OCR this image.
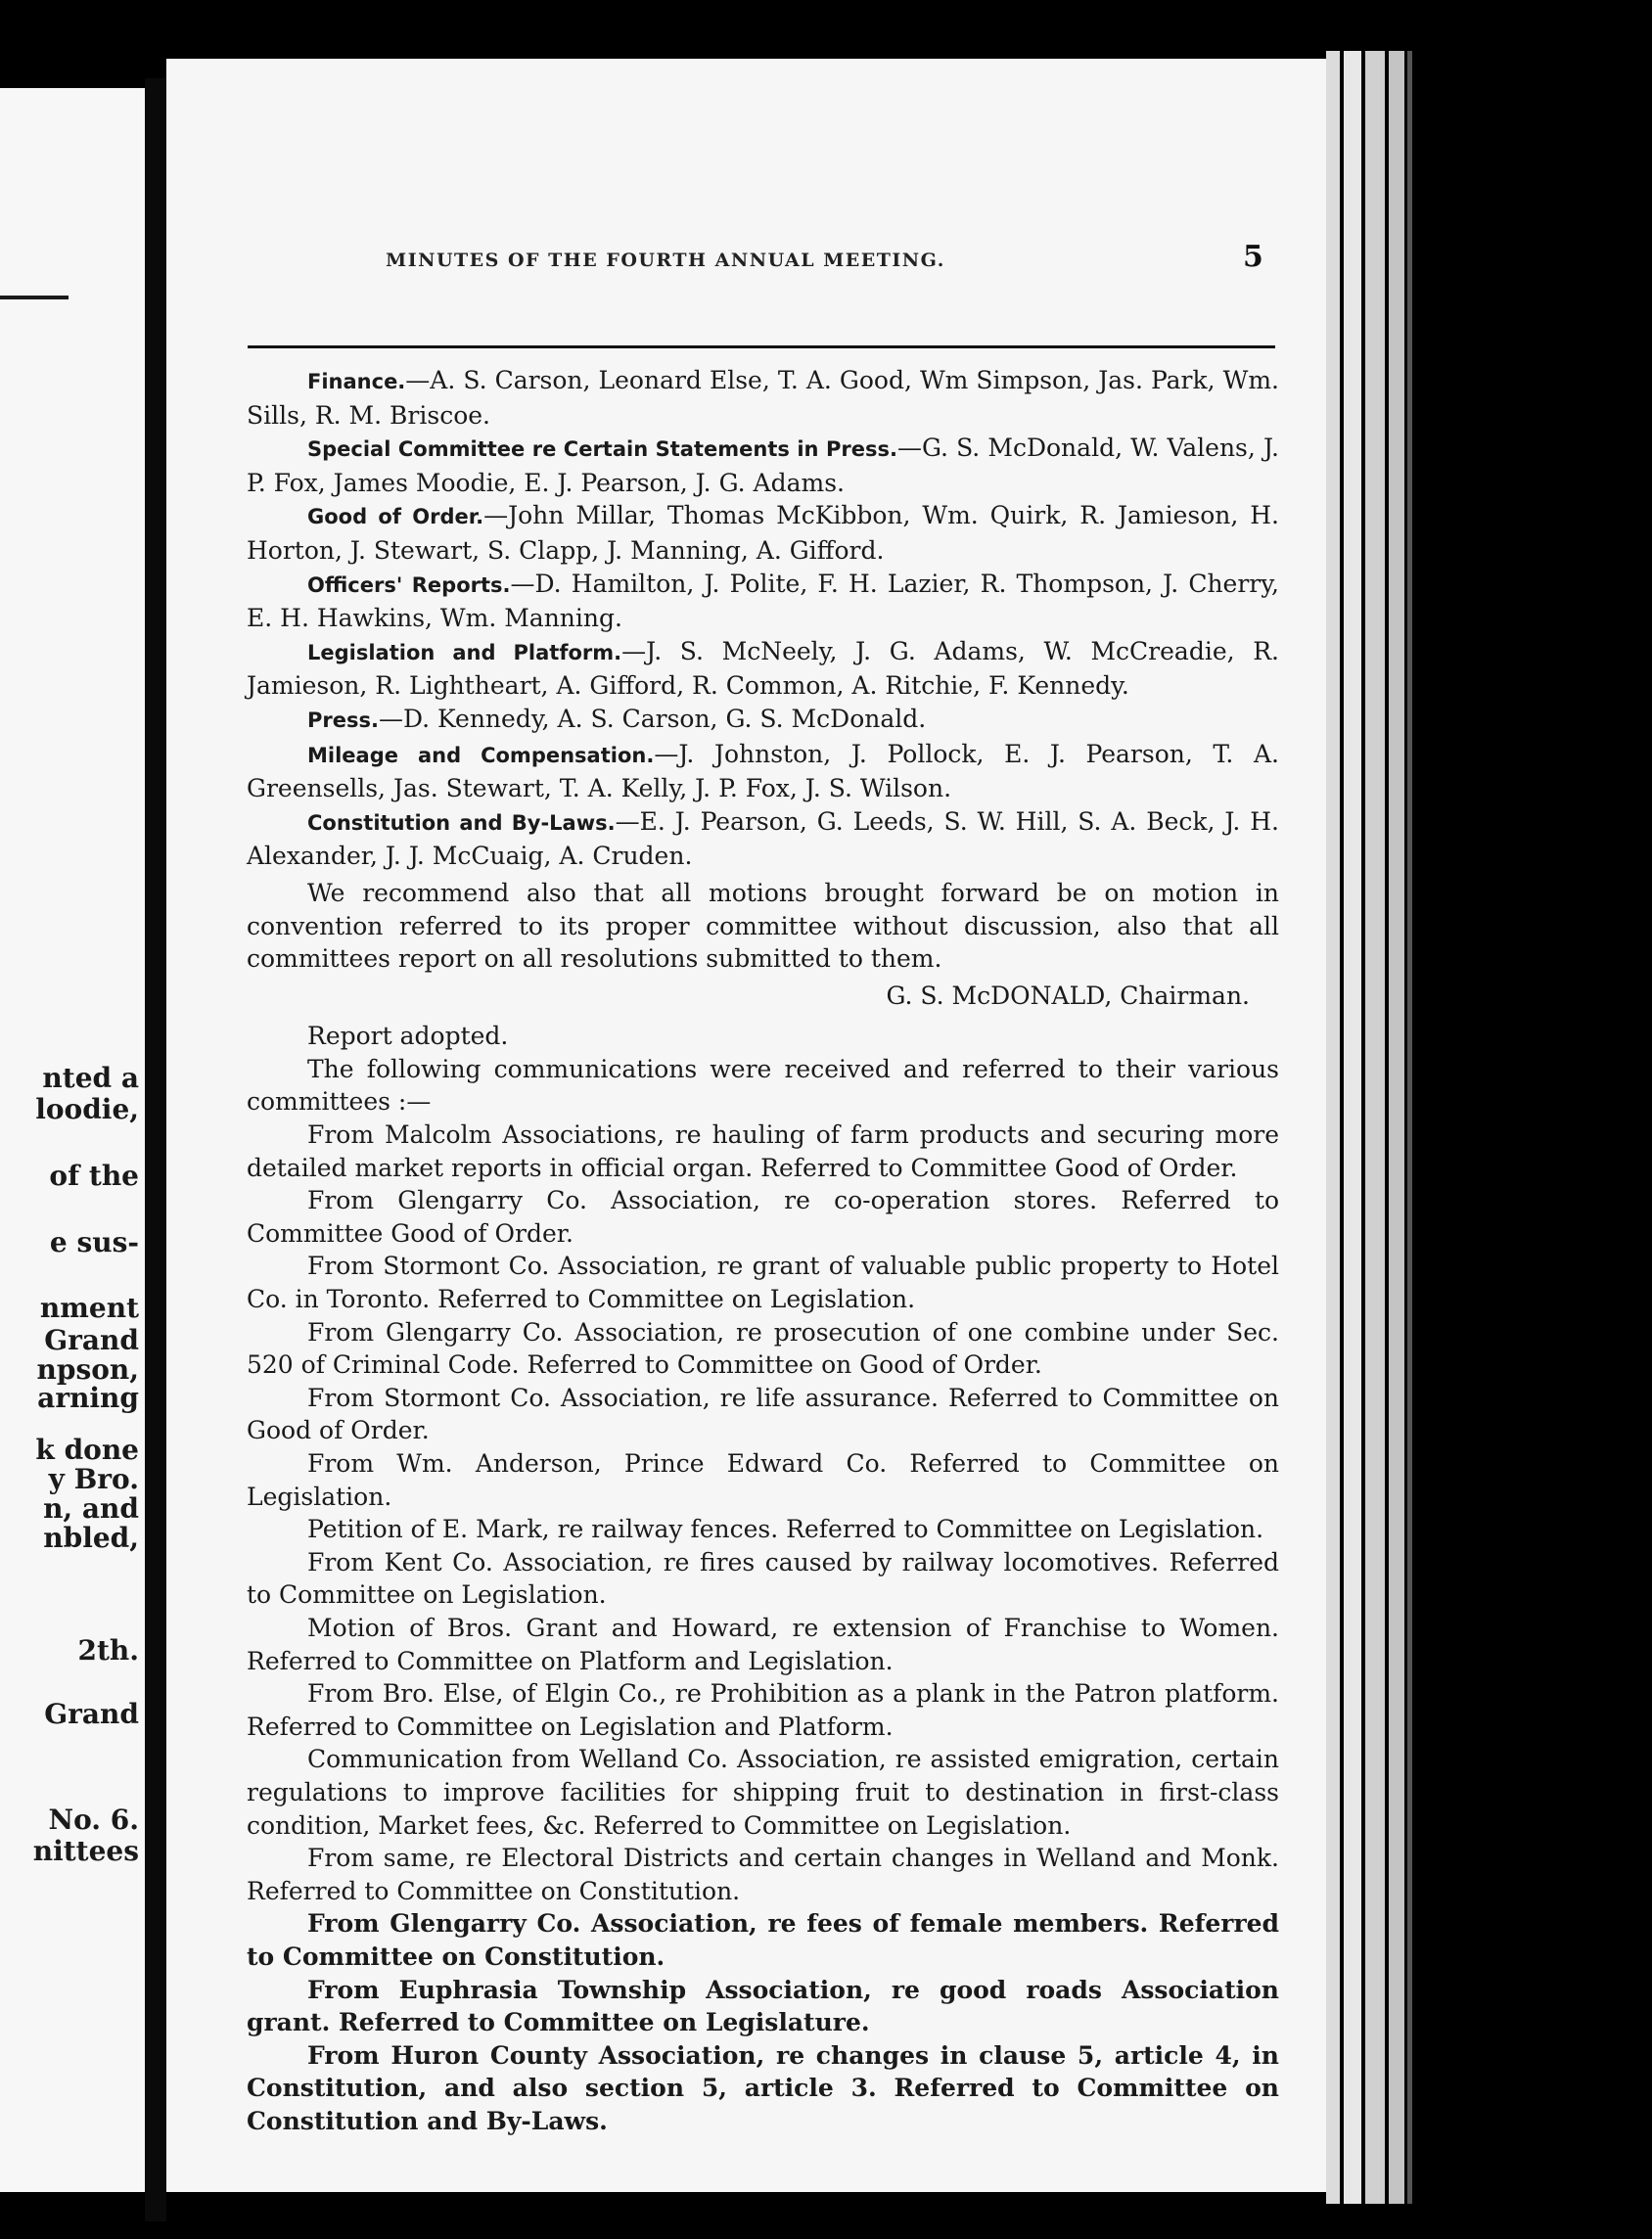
nted a
loodie,
of the
e sus-
nment
Grand
npson,
arning
k done
y Bro.
n, and
nbled,
2th.
Grand
No. 6.
nittees
MINUTES OF THE FOURTH ANNUAL MEETING.	5

Finance.—A. S. Carson, Leonard Else, T. A. Good, Wm Simpson, Jas. Park, Wm. Sills, R. M. Briscoe.

Special Committee re Certain Statements in Press.—G. S. McDonald, W. Valens, J. P. Fox, James Moodie, E. J. Pearson, J. G. Adams.

Good of Order.—John Millar, Thomas McKibbon, Wm. Quirk, R. Jamieson, H. Horton, J. Stewart, S. Clapp, J. Manning, A. Gifford.

Officers' Reports.—D. Hamilton, J. Polite, F. H. Lazier, R. Thompson, J. Cherry, E. H. Hawkins, Wm. Manning.

Legislation and Platform.—J. S. McNeely, J. G. Adams, W. McCreadie, R. Jamieson, R. Lightheart, A. Gifford, R. Common, A. Ritchie, F. Kennedy.

Press.—D. Kennedy, A. S. Carson, G. S. McDonald.

Mileage and Compensation.—J. Johnston, J. Pollock, E. J. Pearson, T. A. Greensells, Jas. Stewart, T. A. Kelly, J. P. Fox, J. S. Wilson.

Constitution and By-Laws.—E. J. Pearson, G. Leeds, S. W. Hill, S. A. Beck, J. H. Alexander, J. J. McCuaig, A. Cruden.

We recommend also that all motions brought forward be on motion in convention referred to its proper committee without discussion, also that all committees report on all resolutions submitted to them.

G. S. McDONALD, Chairman.

Report adopted.

The following communications were received and referred to their various committees :—

From Malcolm Associations, re hauling of farm products and securing more detailed market reports in official organ. Referred to Committee Good of Order.

From Glengarry Co. Association, re co-operation stores. Referred to Committee Good of Order.

From Stormont Co. Association, re grant of valuable public property to Hotel Co. in Toronto. Referred to Committee on Legislation.

From Glengarry Co. Association, re prosecution of one combine under Sec. 520 of Criminal Code. Referred to Committee on Good of Order.

From Stormont Co. Association, re life assurance. Referred to Committee on Good of Order.

From Wm. Anderson, Prince Edward Co. Referred to Committee on Legislation.

Petition of E. Mark, re railway fences. Referred to Committee on Legislation.

From Kent Co. Association, re fires caused by railway locomotives. Referred to Committee on Legislation.

Motion of Bros. Grant and Howard, re extension of Franchise to Women. Referred to Committee on Platform and Legislation.

From Bro. Else, of Elgin Co., re Prohibition as a plank in the Patron platform. Referred to Committee on Legislation and Platform.

Communication from Welland Co. Association, re assisted emigration, certain regulations to improve facilities for shipping fruit to destination in first-class condition, Market fees, &c. Referred to Committee on Legislation.

From same, re Electoral Districts and certain changes in Welland and Monk. Referred to Committee on Constitution.

From Glengarry Co. Association, re fees of female members. Referred to Committee on Constitution.

From Euphrasia Township Association, re good roads Association grant. Referred to Committee on Legislature.

From Huron County Association, re changes in clause 5, article 4, in Constitution, and also section 5, article 3. Referred to Committee on Constitution and By-Laws.
